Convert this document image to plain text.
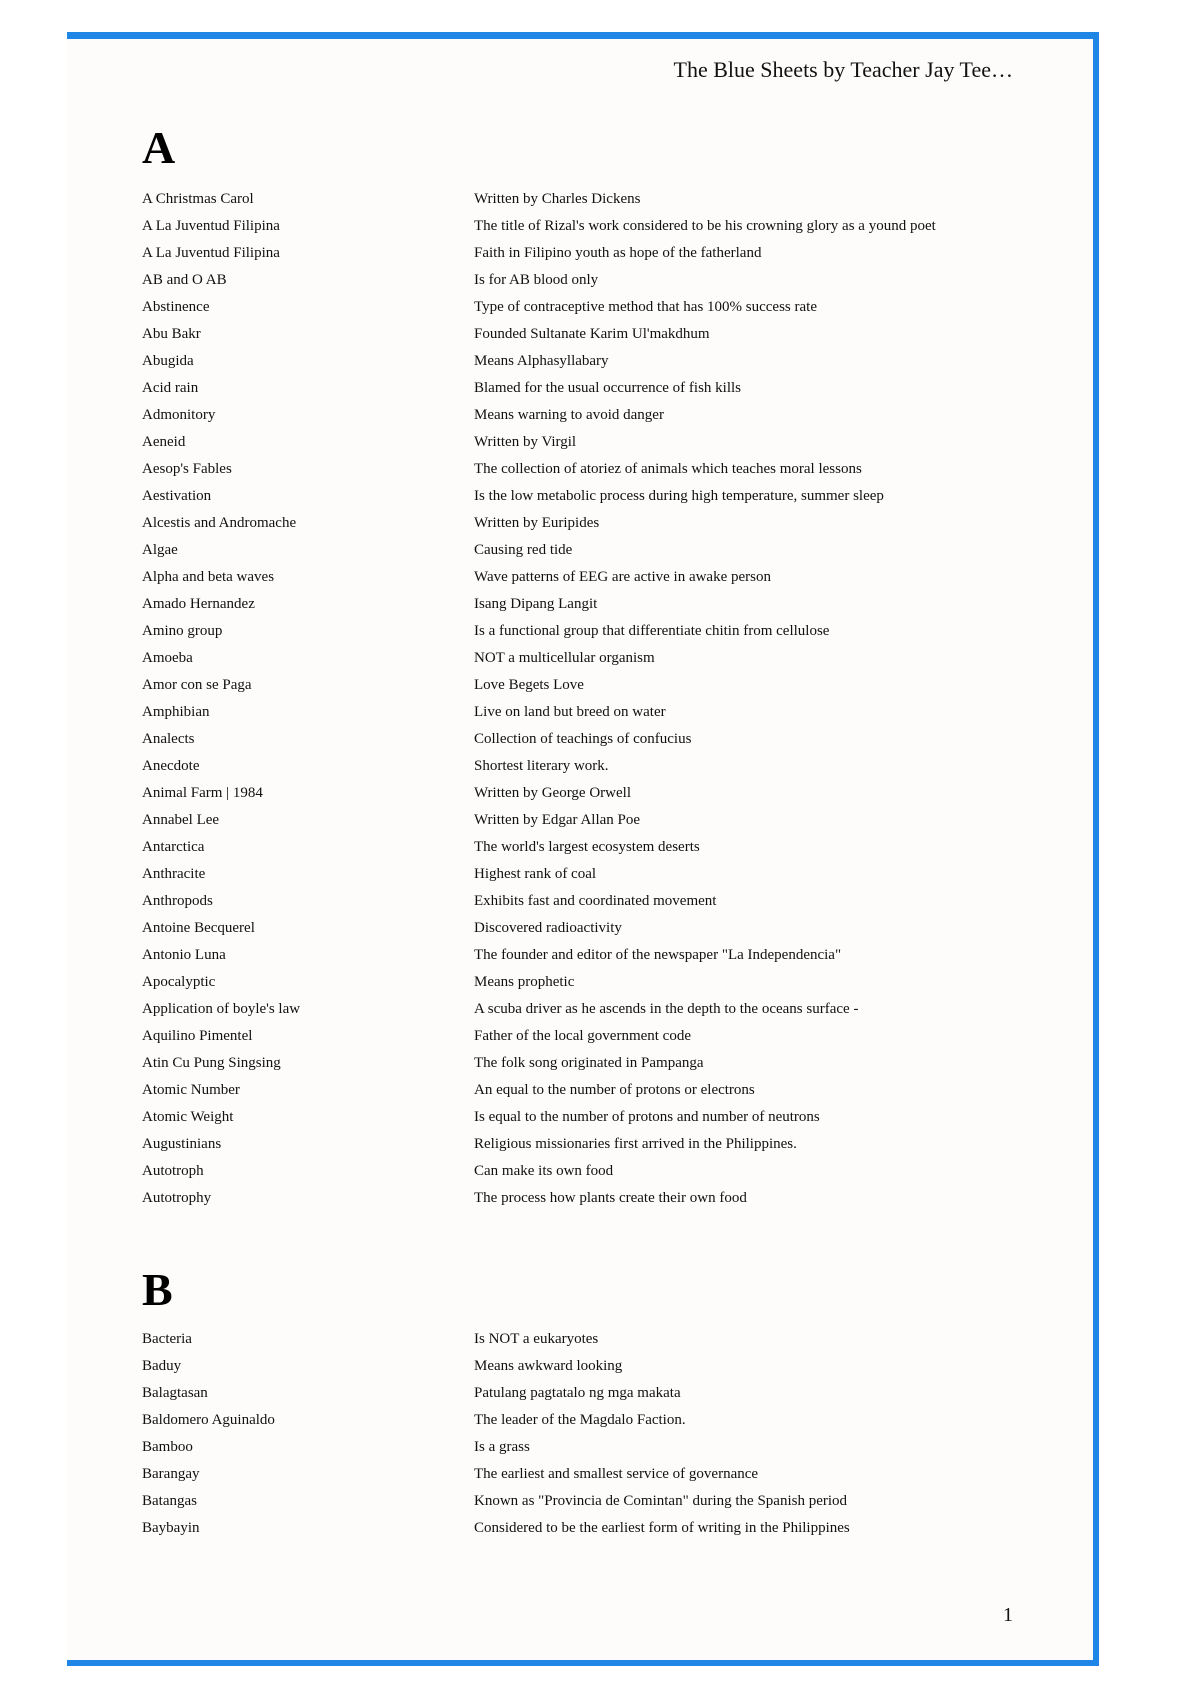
The Blue Sheets by Teacher Jay Tee…
A
A Christmas Carol	Written by Charles Dickens
A La Juventud Filipina	The title of Rizal's work considered to be his crowning glory as a yound poet
A La Juventud Filipina	Faith in Filipino youth as hope of the fatherland
AB and O AB	Is for AB blood only
Abstinence	Type of contraceptive method that has 100% success rate
Abu Bakr	Founded Sultanate Karim Ul'makdhum
Abugida	Means Alphasyllabary
Acid rain	Blamed for the usual occurrence of fish kills
Admonitory	Means warning to avoid danger
Aeneid	Written by Virgil
Aesop's Fables	The collection of atoriez of animals which teaches moral lessons
Aestivation	Is the low metabolic process during high temperature, summer sleep
Alcestis and Andromache	Written by Euripides
Algae	Causing red tide
Alpha and beta waves	Wave patterns of EEG are active in awake person
Amado Hernandez	Isang Dipang Langit
Amino group	Is a functional group that differentiate chitin from cellulose
Amoeba	NOT a multicellular organism
Amor con se Paga	Love Begets Love
Amphibian	Live on land but breed on water
Analects	Collection of teachings of confucius
Anecdote	Shortest literary work.
Animal Farm | 1984	Written by George Orwell
Annabel Lee	Written by Edgar Allan Poe
Antarctica	The world's largest ecosystem deserts
Anthracite	Highest rank of coal
Anthropods	Exhibits fast and coordinated movement
Antoine Becquerel	Discovered radioactivity
Antonio Luna	The founder and editor of the newspaper "La Independencia"
Apocalyptic	Means prophetic
Application of boyle's law	A scuba driver as he ascends in the depth to the oceans surface -
Aquilino Pimentel	Father of the local government code
Atin Cu Pung Singsing	The folk song originated in Pampanga
Atomic Number	An equal to the number of protons or electrons
Atomic Weight	Is equal to the number of protons and number of neutrons
Augustinians	Religious missionaries first arrived in the Philippines.
Autotroph	Can make its own food
Autotrophy	The process how plants create their own food
B
Bacteria	Is NOT a eukaryotes
Baduy	Means awkward looking
Balagtasan	Patulang pagtatalo ng mga makata
Baldomero Aguinaldo	The leader of the Magdalo Faction.
Bamboo	Is a grass
Barangay	The earliest and smallest service of governance
Batangas	Known as "Provincia de Comintan" during the Spanish period
Baybayin	Considered to be the earliest form of writing in the Philippines
1
